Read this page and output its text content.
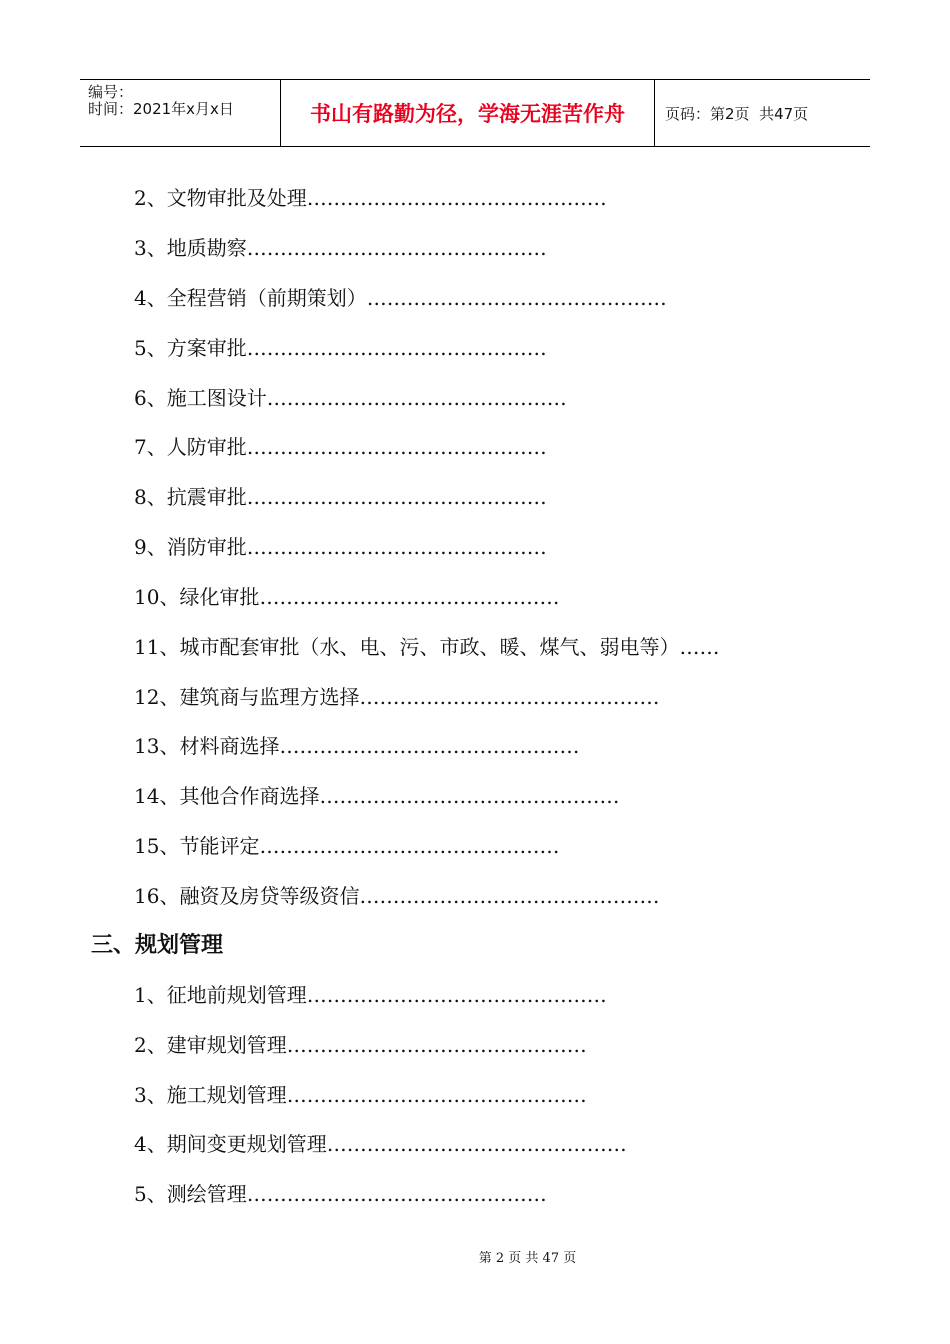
编号：
时间：2021年x月x日	书山有路勤为径，学海无涯苦作舟	页码：第2页  共47页
2、文物审批及处理………………………………………
3、地质勘察………………………………………
4、全程营销（前期策划）………………………………………
5、方案审批………………………………………
6、施工图设计………………………………………
7、人防审批………………………………………
8、抗震审批………………………………………
9、消防审批………………………………………
10、绿化审批………………………………………
11、城市配套审批（水、电、污、市政、暖、煤气、弱电等）……
12、建筑商与监理方选择………………………………………
13、材料商选择………………………………………
14、其他合作商选择………………………………………
15、节能评定………………………………………
16、融资及房贷等级资信………………………………………
三、规划管理
1、征地前规划管理………………………………………
2、建审规划管理………………………………………
3、施工规划管理………………………………………
4、期间变更规划管理………………………………………
5、测绘管理………………………………………
第 2 页 共 47 页
